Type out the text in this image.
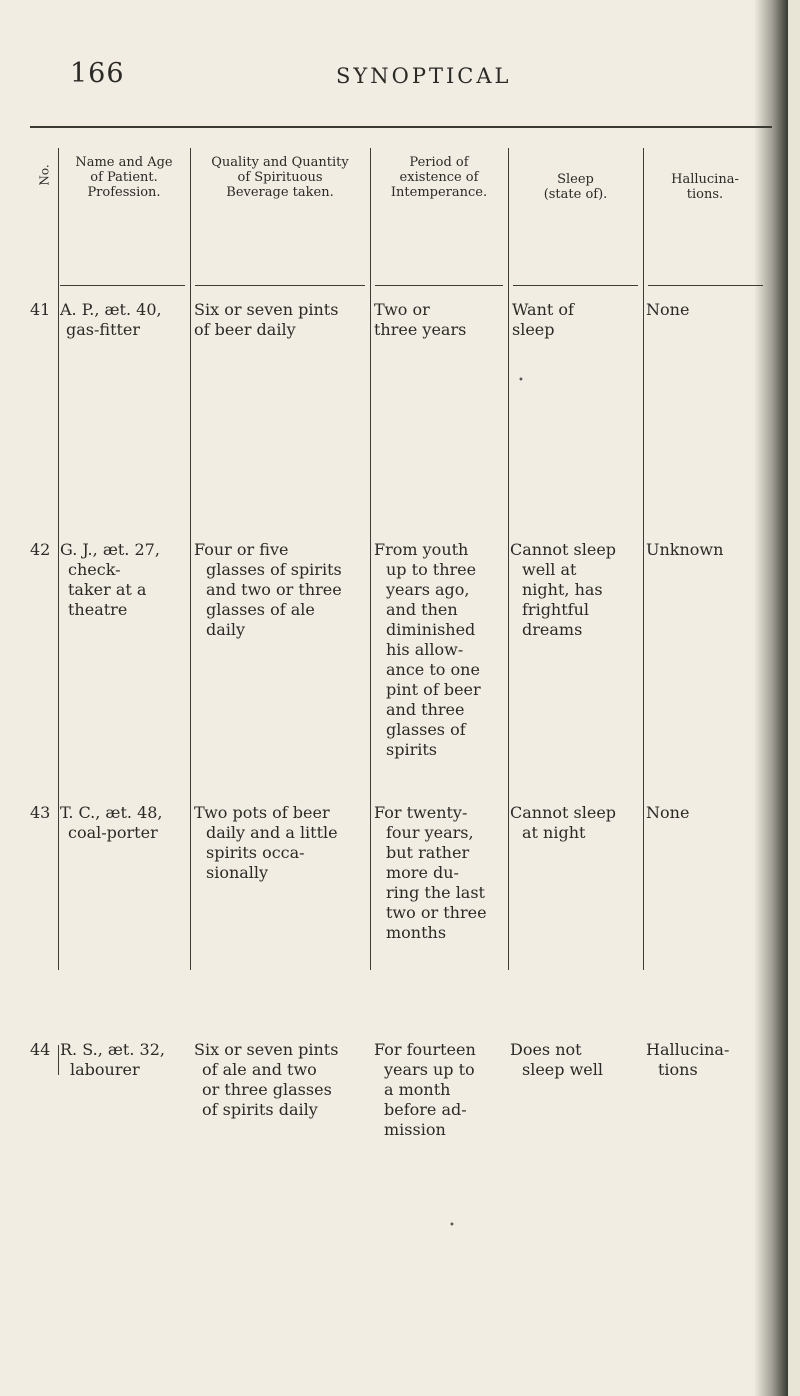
166	SYNOPTICAL
No.
Name and Age
of Patient.
Profession.
Quality and Quantity
of Spirituous
Beverage taken.
Period of
existence of
Intemperance.
Sleep
(state of).
Hallucina-
tions.
41 A. P., æt. 40,
gas-fitter
Six or seven pints
of beer daily
Two or
three years
Want of
sleep
None
42 G. J., æt. 27,
check-
taker at a
theatre
Four or five
glasses of spirits
and two or three
glasses of ale
daily
From youth
up to three
years ago,
and then
diminished
his allow-
ance to one
pint of beer
and three
glasses of
spirits
Cannot sleep
well at
night, has
frightful
dreams
Unknown
43 T. C., æt. 48,
coal-porter
Two pots of beer
daily and a little
spirits occa-
sionally
For twenty-
four years,
but rather
more du-
ring the last
two or three
months
Cannot sleep
at night
None
44 R. S., æt. 32,
labourer
Six or seven pints
of ale and two
or three glasses
of spirits daily
For fourteen
years up to
a month
before ad-
mission
Does not
sleep well
Hallucina-
tions
•
•
